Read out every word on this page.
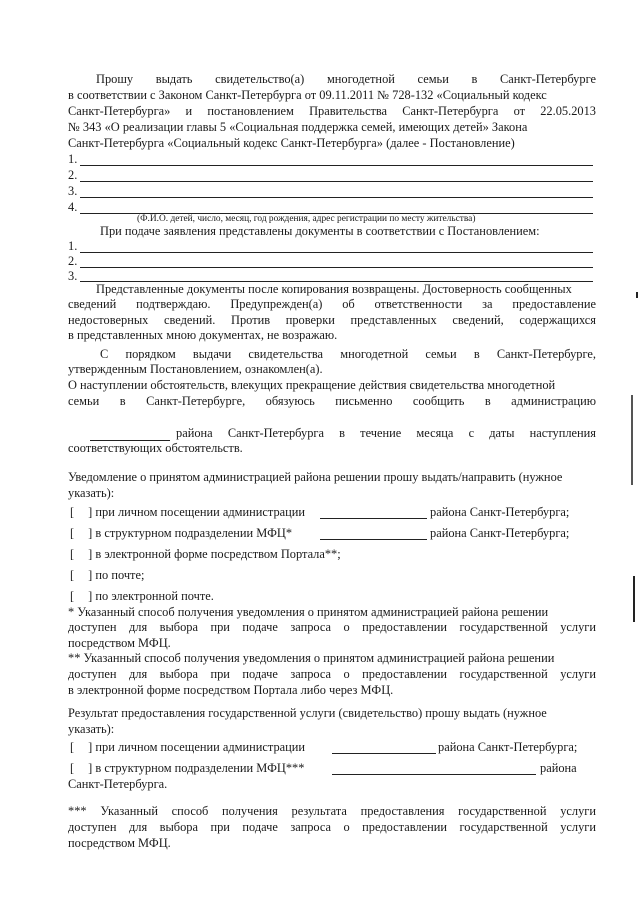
Прошу выдать свидетельство(а) многодетной семьи в Санкт-Петербурге
в соответствии с Законом Санкт-Петербурга от 09.11.2011 № 728-132 «Социальный кодекс
Санкт-Петербурга» и постановлением Правительства Санкт-Петербурга от 22.05.2013
№ 343 «О реализации главы 5 «Социальная поддержка семей, имеющих детей» Закона
Санкт-Петербурга «Социальный кодекс Санкт-Петербурга» (далее - Постановление)
1.
2.
3.
4.
(Ф.И.О. детей, число, месяц, год рождения, адрес регистрации по месту жительства)
При подаче заявления представлены документы в соответствии с Постановлением:
1.
2.
3.
Представленные документы после копирования возвращены. Достоверность сообщенных
сведений подтверждаю. Предупрежден(а) об ответственности за предоставление
недостоверных сведений. Против проверки представленных сведений, содержащихся
в представленных мною документах, не возражаю.
С порядком выдачи свидетельства многодетной семьи в Санкт-Петербурге,
утвержденным Постановлением, ознакомлен(а).
О наступлении обстоятельств, влекущих прекращение действия свидетельства многодетной
семьи в Санкт-Петербурге, обязуюсь письменно сообщить в администрацию
района Санкт-Петербурга в течение месяца с даты наступления
соответствующих обстоятельств.
Уведомление о принятом администрацией района решении прошу выдать/направить (нужное
указать):
[ ] при личном посещении администрации	района Санкт-Петербурга;
[ ] в структурном подразделении МФЦ*	района Санкт-Петербурга;
[ ] в электронной форме посредством Портала**;
[ ] по почте;
[ ] по электронной почте.
* Указанный способ получения уведомления о принятом администрацией района решении
доступен для выбора при подаче запроса о предоставлении государственной услуги
посредством МФЦ.
** Указанный способ получения уведомления о принятом администрацией района решении
доступен для выбора при подаче запроса о предоставлении государственной услуги
в электронной форме посредством Портала либо через МФЦ.
Результат предоставления государственной услуги (свидетельство) прошу выдать (нужное
указать):
[ ] при личном посещении администрации	района Санкт-Петербурга;
[ ] в структурном подразделении МФЦ***	района
Санкт-Петербурга.
*** Указанный способ получения результата предоставления государственной услуги
доступен для выбора при подаче запроса о предоставлении государственной услуги
посредством МФЦ.
